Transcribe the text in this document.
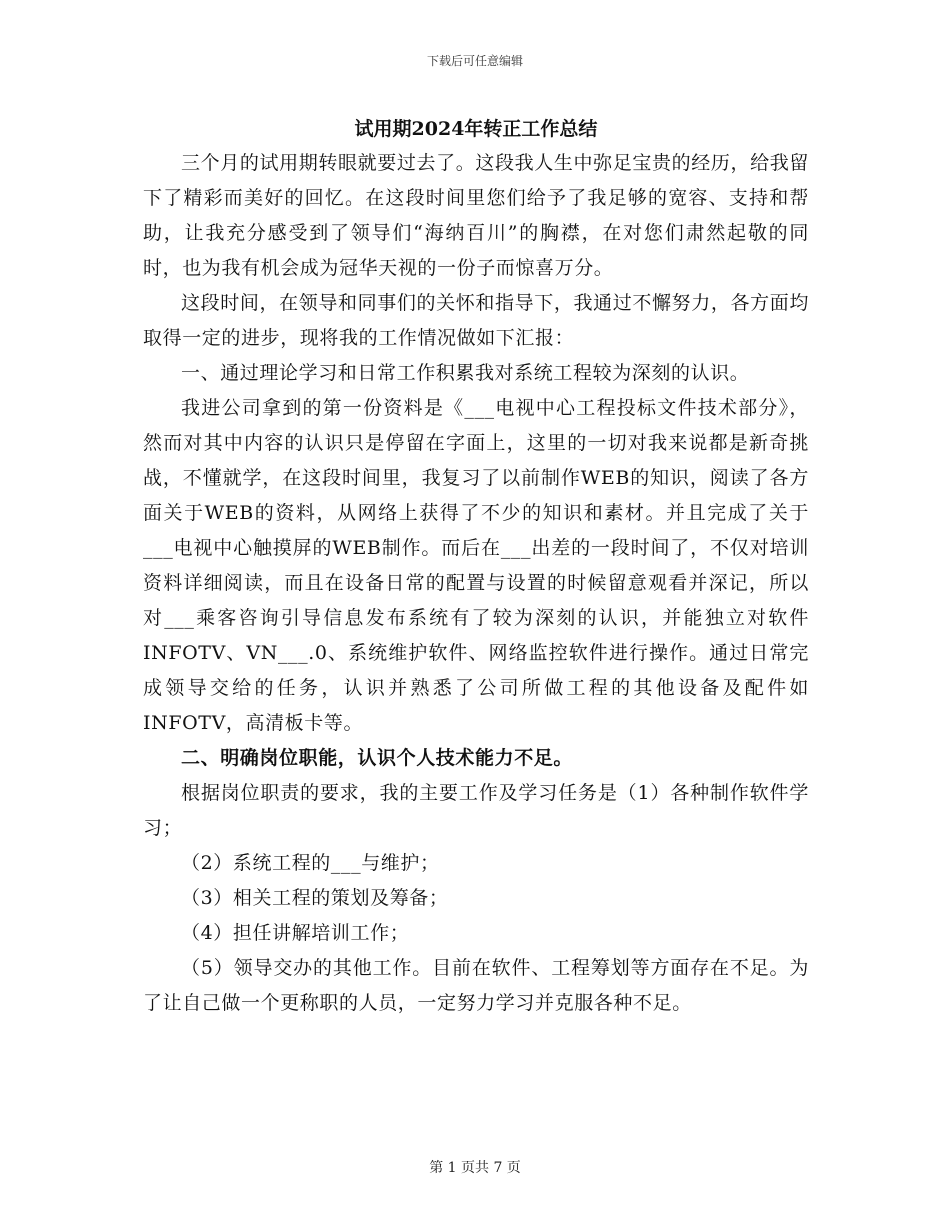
下载后可任意编辑
试用期2024年转正工作总结

三个月的试用期转眼就要过去了。这段我人生中弥足宝贵的经历，给我留下了精彩而美好的回忆。在这段时间里您们给予了我足够的宽容、支持和帮助，让我充分感受到了领导们“海纳百川”的胸襟，在对您们肃然起敬的同时，也为我有机会成为冠华天视的一份子而惊喜万分。

这段时间，在领导和同事们的关怀和指导下，我通过不懈努力，各方面均取得一定的进步，现将我的工作情况做如下汇报：

一、通过理论学习和日常工作积累我对系统工程较为深刻的认识。

我进公司拿到的第一份资料是《___电视中心工程投标文件技术部分》，然而对其中内容的认识只是停留在字面上，这里的一切对我来说都是新奇挑战，不懂就学，在这段时间里，我复习了以前制作WEB的知识，阅读了各方面关于WEB的资料，从网络上获得了不少的知识和素材。并且完成了关于___电视中心触摸屏的WEB制作。而后在___出差的一段时间了，不仅对培训资料详细阅读，而且在设备日常的配置与设置的时候留意观看并深记，所以对___乘客咨询引导信息发布系统有了较为深刻的认识，并能独立对软件INFOTV、VN___.0、系统维护软件、网络监控软件进行操作。通过日常完成领导交给的任务，认识并熟悉了公司所做工程的其他设备及配件如INFOTV，高清板卡等。

二、明确岗位职能，认识个人技术能力不足。

根据岗位职责的要求，我的主要工作及学习任务是（1）各种制作软件学习；

（2）系统工程的___与维护；

（3）相关工程的策划及筹备；

（4）担任讲解培训工作；

（5）领导交办的其他工作。目前在软件、工程筹划等方面存在不足。为了让自己做一个更称职的人员，一定努力学习并克服各种不足。

第 1 页共 7 页
